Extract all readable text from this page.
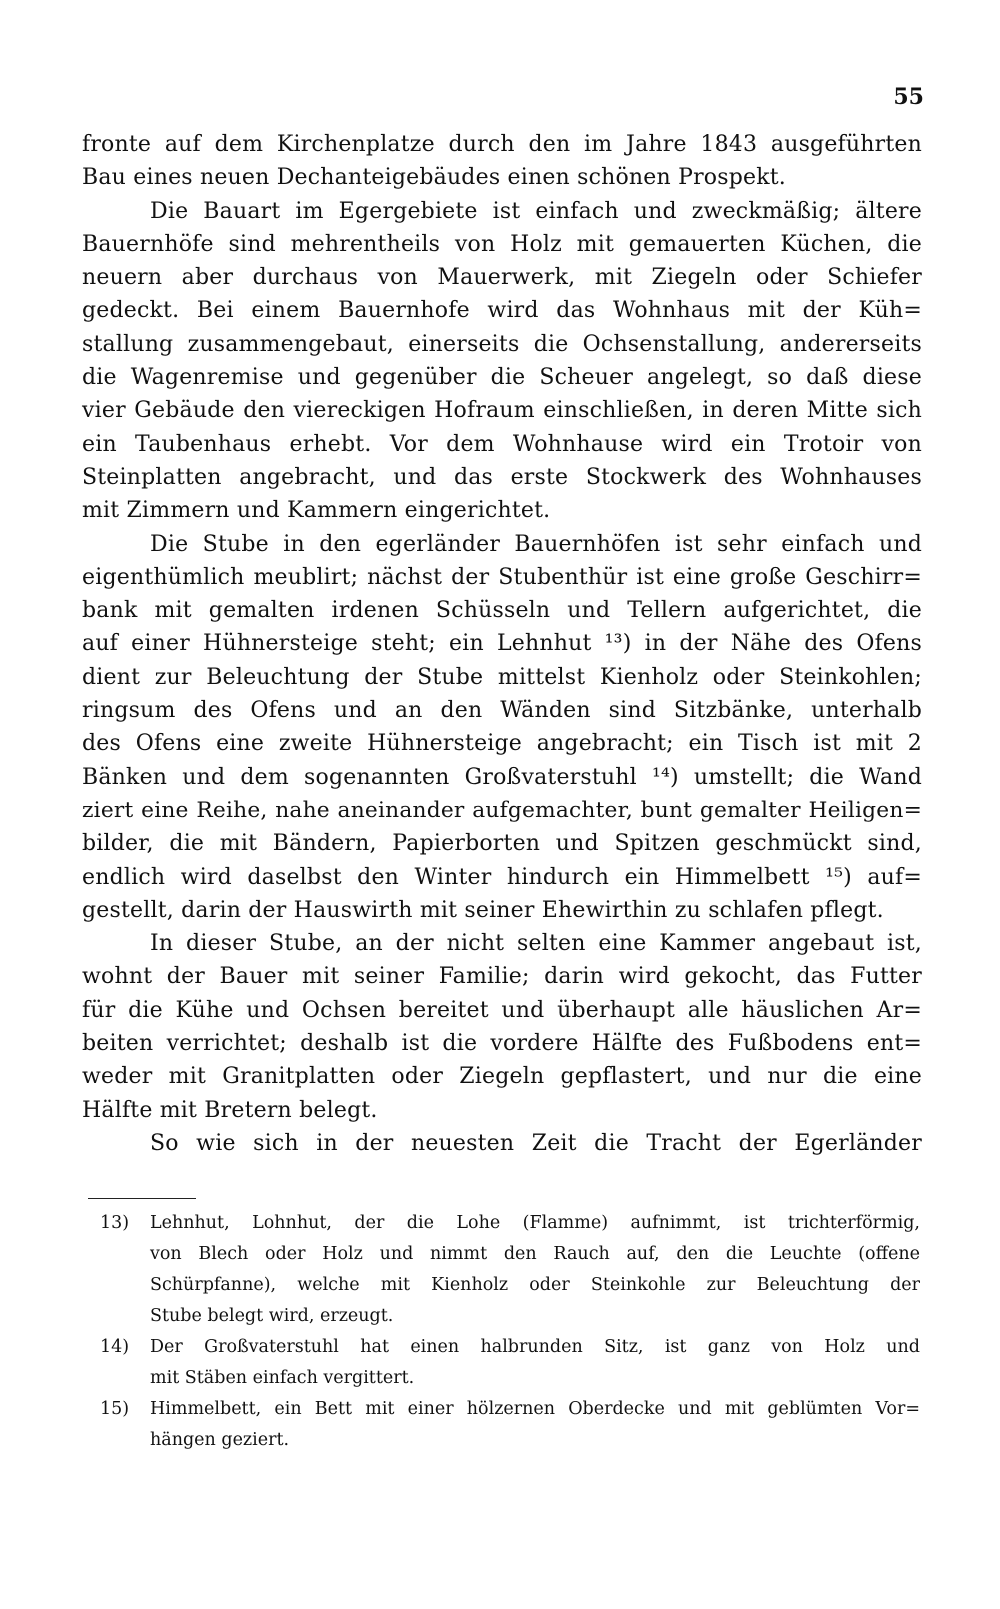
55
fronte auf dem Kirchenplatze durch den im Jahre 1843 ausgeführten
Bau eines neuen Dechanteigebäudes einen schönen Prospekt.
Die Bauart im Egergebiete ist einfach und zweckmäßig; ältere
Bauernhöfe sind mehrentheils von Holz mit gemauerten Küchen, die
neuern aber durchaus von Mauerwerk, mit Ziegeln oder Schiefer
gedeckt. Bei einem Bauernhofe wird das Wohnhaus mit der Küh=
stallung zusammengebaut, einerseits die Ochsenstallung, andererseits
die Wagenremise und gegenüber die Scheuer angelegt, so daß diese
vier Gebäude den viereckigen Hofraum einschließen, in deren Mitte sich
ein Taubenhaus erhebt. Vor dem Wohnhause wird ein Trotoir von
Steinplatten angebracht, und das erste Stockwerk des Wohnhauses
mit Zimmern und Kammern eingerichtet.
Die Stube in den egerländer Bauernhöfen ist sehr einfach und
eigenthümlich meublirt; nächst der Stubenthür ist eine große Geschirr=
bank mit gemalten irdenen Schüsseln und Tellern aufgerichtet, die
auf einer Hühnersteige steht; ein Lehnhut ¹³) in der Nähe des Ofens
dient zur Beleuchtung der Stube mittelst Kienholz oder Steinkohlen;
ringsum des Ofens und an den Wänden sind Sitzbänke, unterhalb
des Ofens eine zweite Hühnersteige angebracht; ein Tisch ist mit 2
Bänken und dem sogenannten Großvaterstuhl ¹⁴) umstellt; die Wand
ziert eine Reihe, nahe aneinander aufgemachter, bunt gemalter Heiligen=
bilder, die mit Bändern, Papierborten und Spitzen geschmückt sind,
endlich wird daselbst den Winter hindurch ein Himmelbett ¹⁵) auf=
gestellt, darin der Hauswirth mit seiner Ehewirthin zu schlafen pflegt.
In dieser Stube, an der nicht selten eine Kammer angebaut ist,
wohnt der Bauer mit seiner Familie; darin wird gekocht, das Futter
für die Kühe und Ochsen bereitet und überhaupt alle häuslichen Ar=
beiten verrichtet; deshalb ist die vordere Hälfte des Fußbodens ent=
weder mit Granitplatten oder Ziegeln gepflastert, und nur die eine
Hälfte mit Bretern belegt.
So wie sich in der neuesten Zeit die Tracht der Egerländer
13) Lehnhut, Lohnhut, der die Lohe (Flamme) aufnimmt, ist trichterförmig,
von Blech oder Holz und nimmt den Rauch auf, den die Leuchte (offene
Schürpfanne), welche mit Kienholz oder Steinkohle zur Beleuchtung der
Stube belegt wird, erzeugt.
14) Der Großvaterstuhl hat einen halbrunden Sitz, ist ganz von Holz und
mit Stäben einfach vergittert.
15) Himmelbett, ein Bett mit einer hölzernen Oberdecke und mit geblümten Vor=
hängen geziert.
